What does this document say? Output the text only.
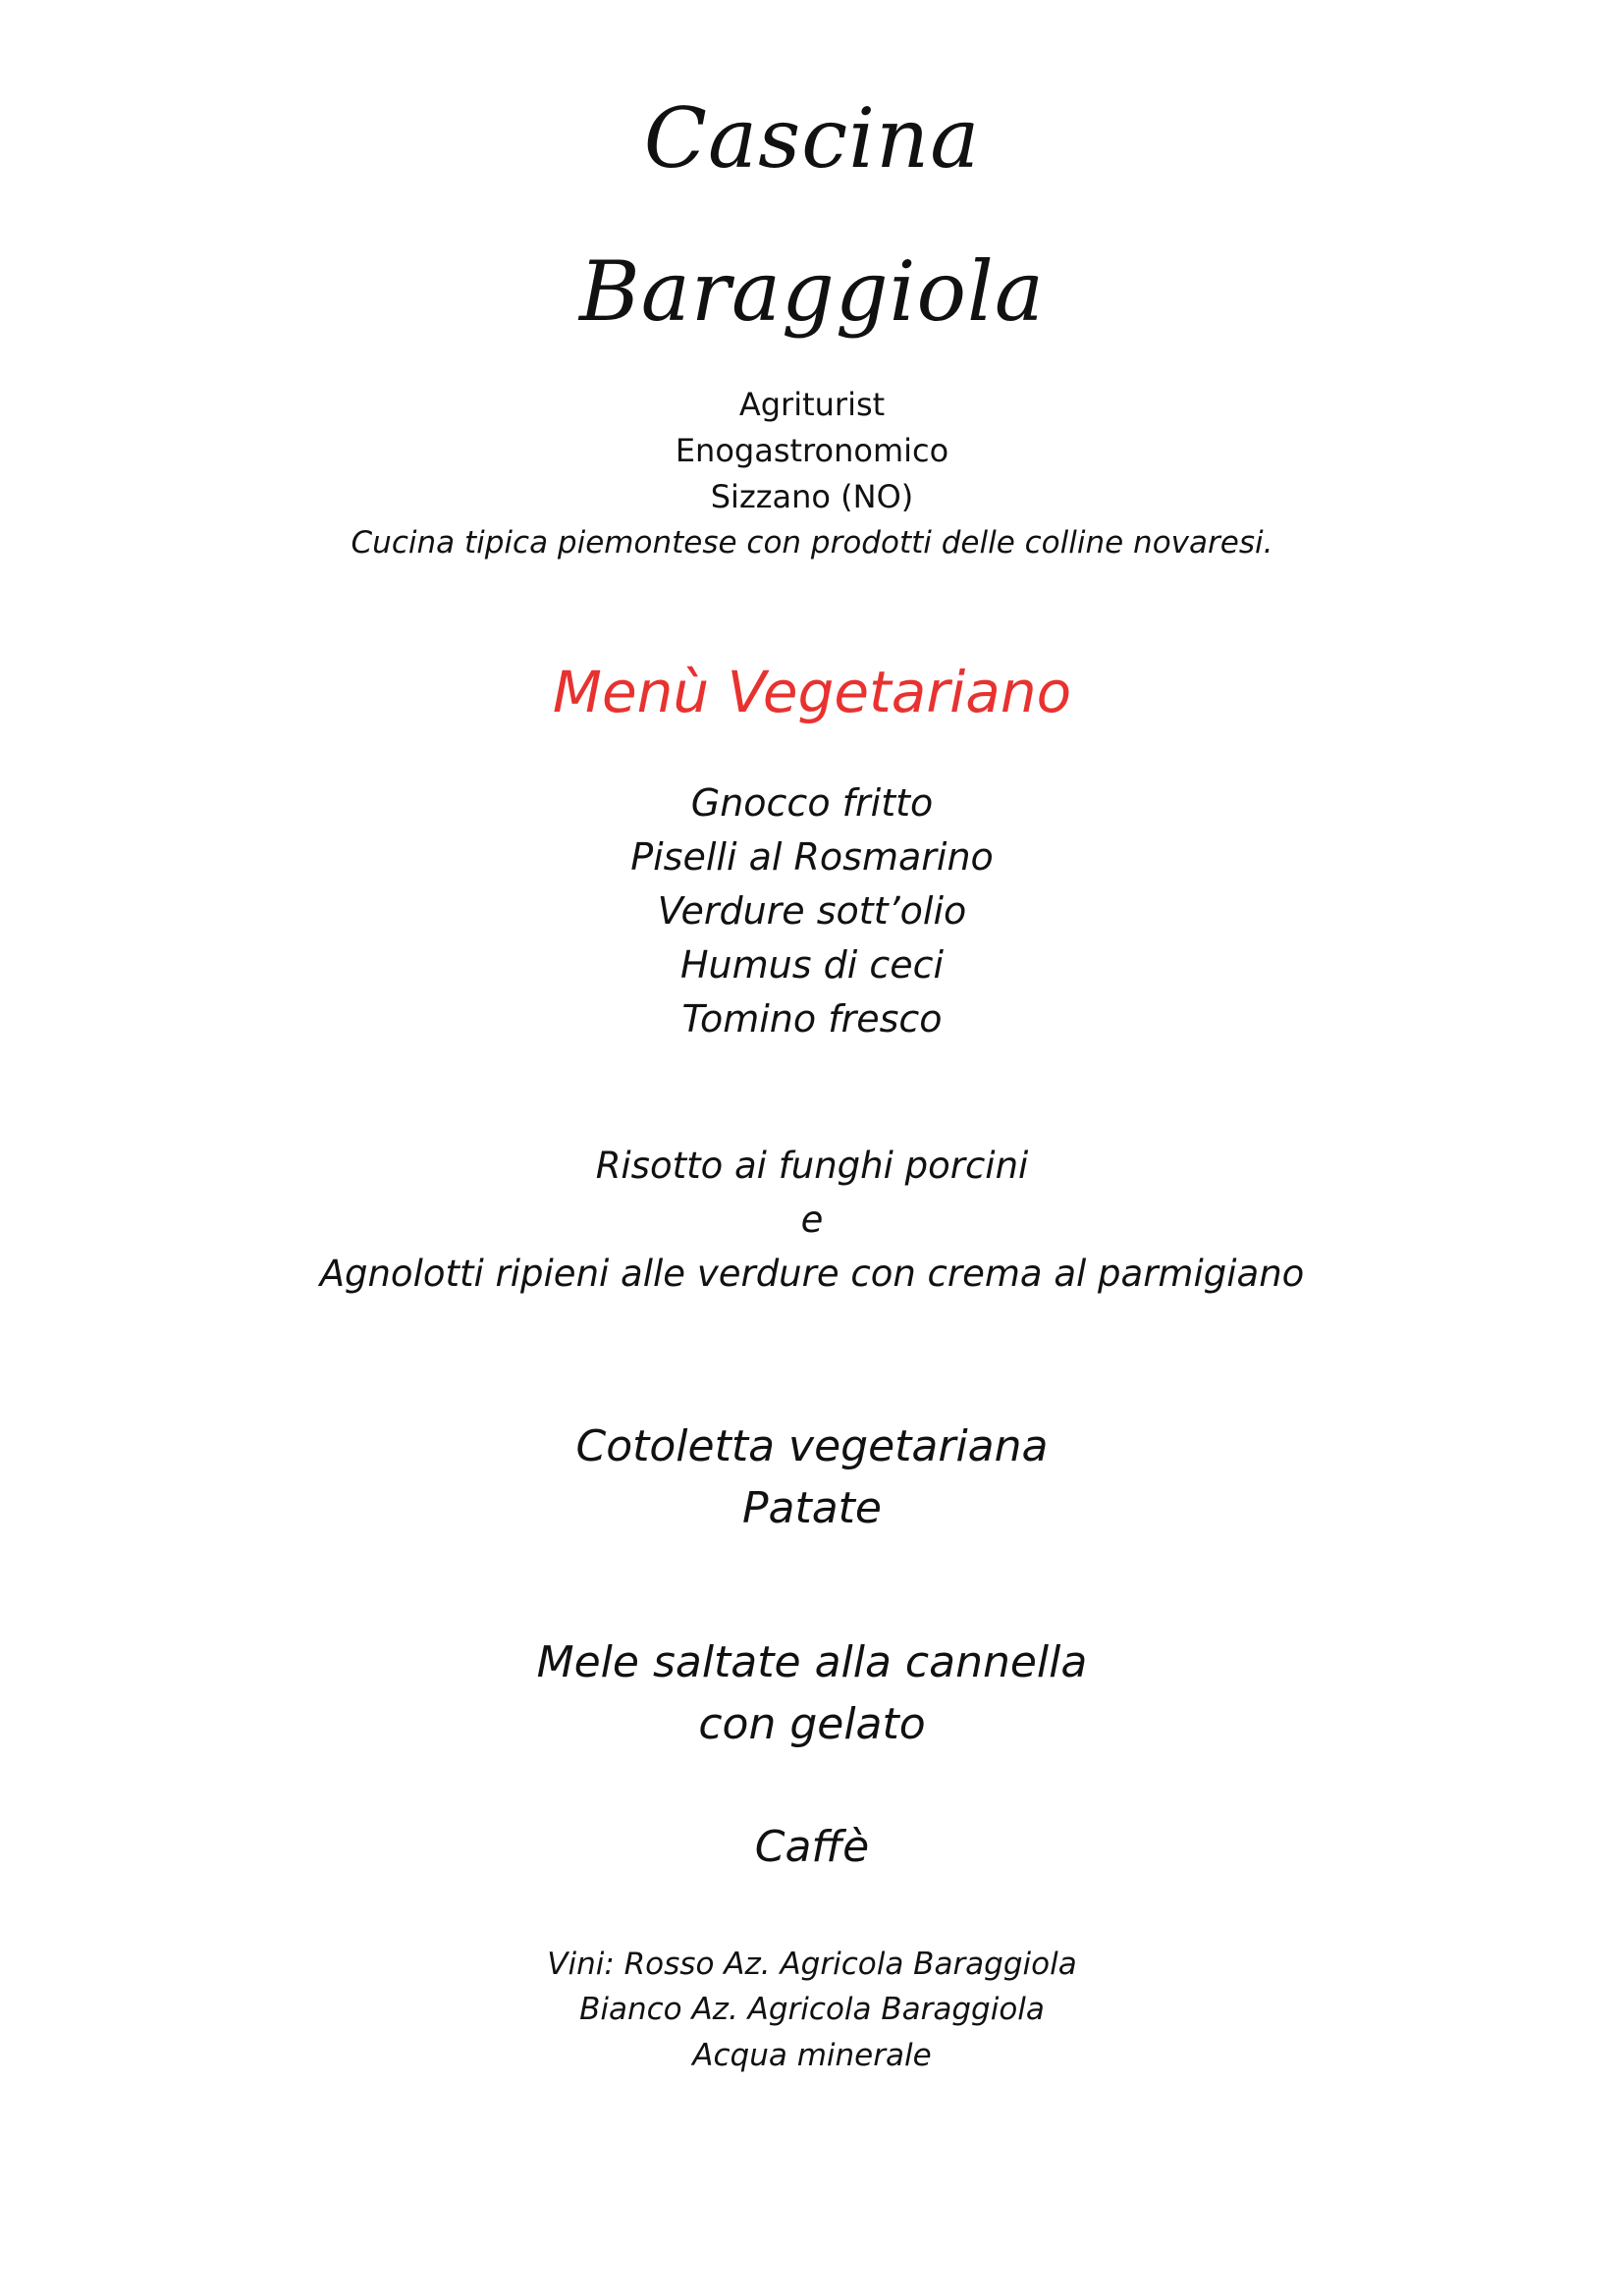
Cascina
Baraggiola
Agriturist
Enogastronomico
Sizzano (NO)
Cucina tipica piemontese con prodotti delle colline novaresi.
Menù Vegetariano
Gnocco fritto
Piselli al Rosmarino
Verdure sott’olio
Humus di ceci
Tomino fresco
Risotto ai funghi porcini
e
Agnolotti ripieni alle verdure con crema al parmigiano
Cotoletta vegetariana
Patate
Mele saltate alla cannella
con gelato
Caffè
Vini: Rosso Az. Agricola Baraggiola
Bianco Az. Agricola Baraggiola
Acqua minerale
